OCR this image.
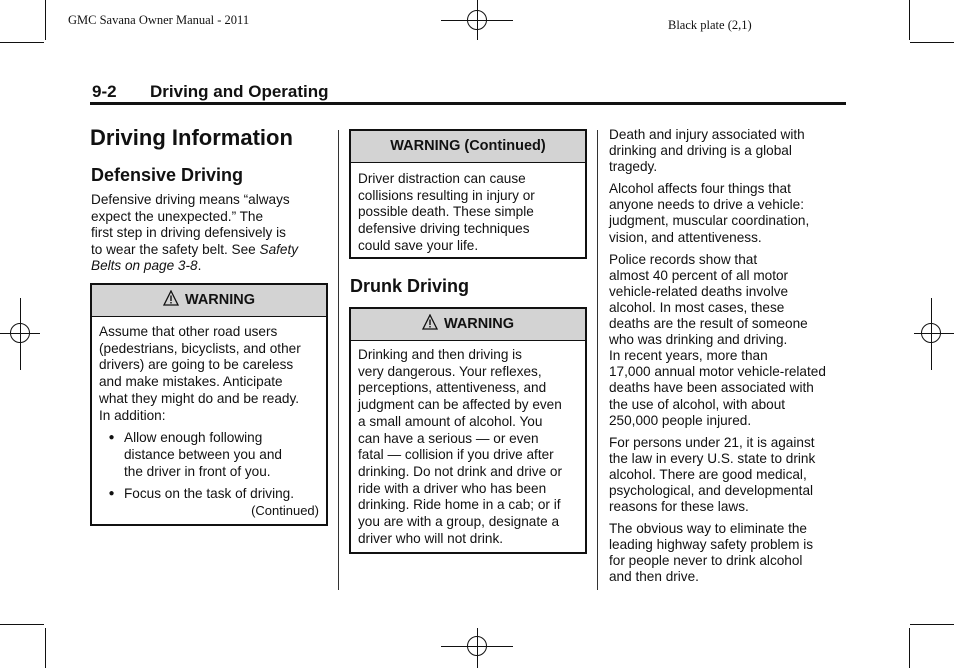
GMC Savana Owner Manual - 2011	Black plate (2,1)
9-2 Driving and Operating
Driving Information
Defensive Driving
Defensive driving means “always
expect the unexpected.” The
first step in driving defensively is
to wear the safety belt. See Safety
Belts on page 3-8.
WARNING
Assume that other road users
(pedestrians, bicyclists, and other
drivers) are going to be careless
and make mistakes. Anticipate
what they might do and be ready.
In addition:
● Allow enough following
distance between you and
the driver in front of you.
● Focus on the task of driving.
(Continued)
WARNING (Continued)
Driver distraction can cause
collisions resulting in injury or
possible death. These simple
defensive driving techniques
could save your life.
Drunk Driving
WARNING
Drinking and then driving is
very dangerous. Your reflexes,
perceptions, attentiveness, and
judgment can be affected by even
a small amount of alcohol. You
can have a serious — or even
fatal — collision if you drive after
drinking. Do not drink and drive or
ride with a driver who has been
drinking. Ride home in a cab; or if
you are with a group, designate a
driver who will not drink.

Death and injury associated with
drinking and driving is a global
tragedy.

Alcohol affects four things that
anyone needs to drive a vehicle:
judgment, muscular coordination,
vision, and attentiveness.

Police records show that
almost 40 percent of all motor
vehicle-related deaths involve
alcohol. In most cases, these
deaths are the result of someone
who was drinking and driving.
In recent years, more than
17,000 annual motor vehicle-related
deaths have been associated with
the use of alcohol, with about
250,000 people injured.

For persons under 21, it is against
the law in every U.S. state to drink
alcohol. There are good medical,
psychological, and developmental
reasons for these laws.

The obvious way to eliminate the
leading highway safety problem is
for people never to drink alcohol
and then drive.
